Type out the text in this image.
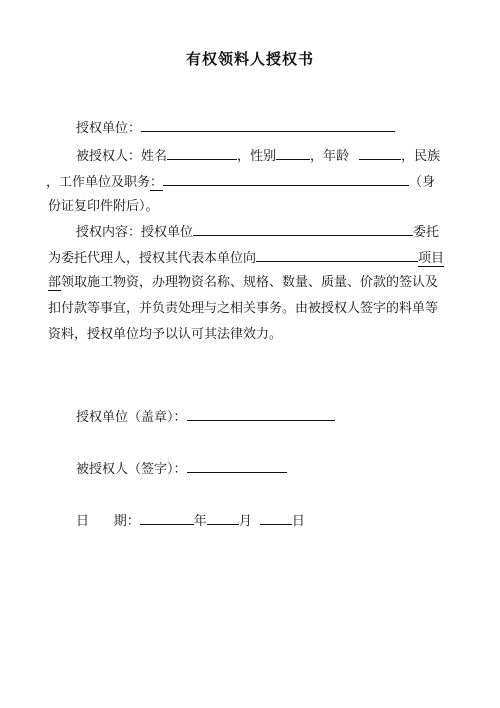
有权领料人授权书
授权单位：
被授权人：姓名	，性别	，年龄	，民族
，工作单位及职务：	（身
份证复印件附后）。
授权内容：授权单位	委托
为委托代理人，授权其代表本单位向	项目
部领取施工物资，办理物资名称、规格、数量、质量、价款的签认及
扣付款等事宜，并负责处理与之相关事务。由被授权人签字的料单等
资料，授权单位均予以认可其法律效力。
授权单位（盖章）：
被授权人（签字）：
日      期：	年 月	日
